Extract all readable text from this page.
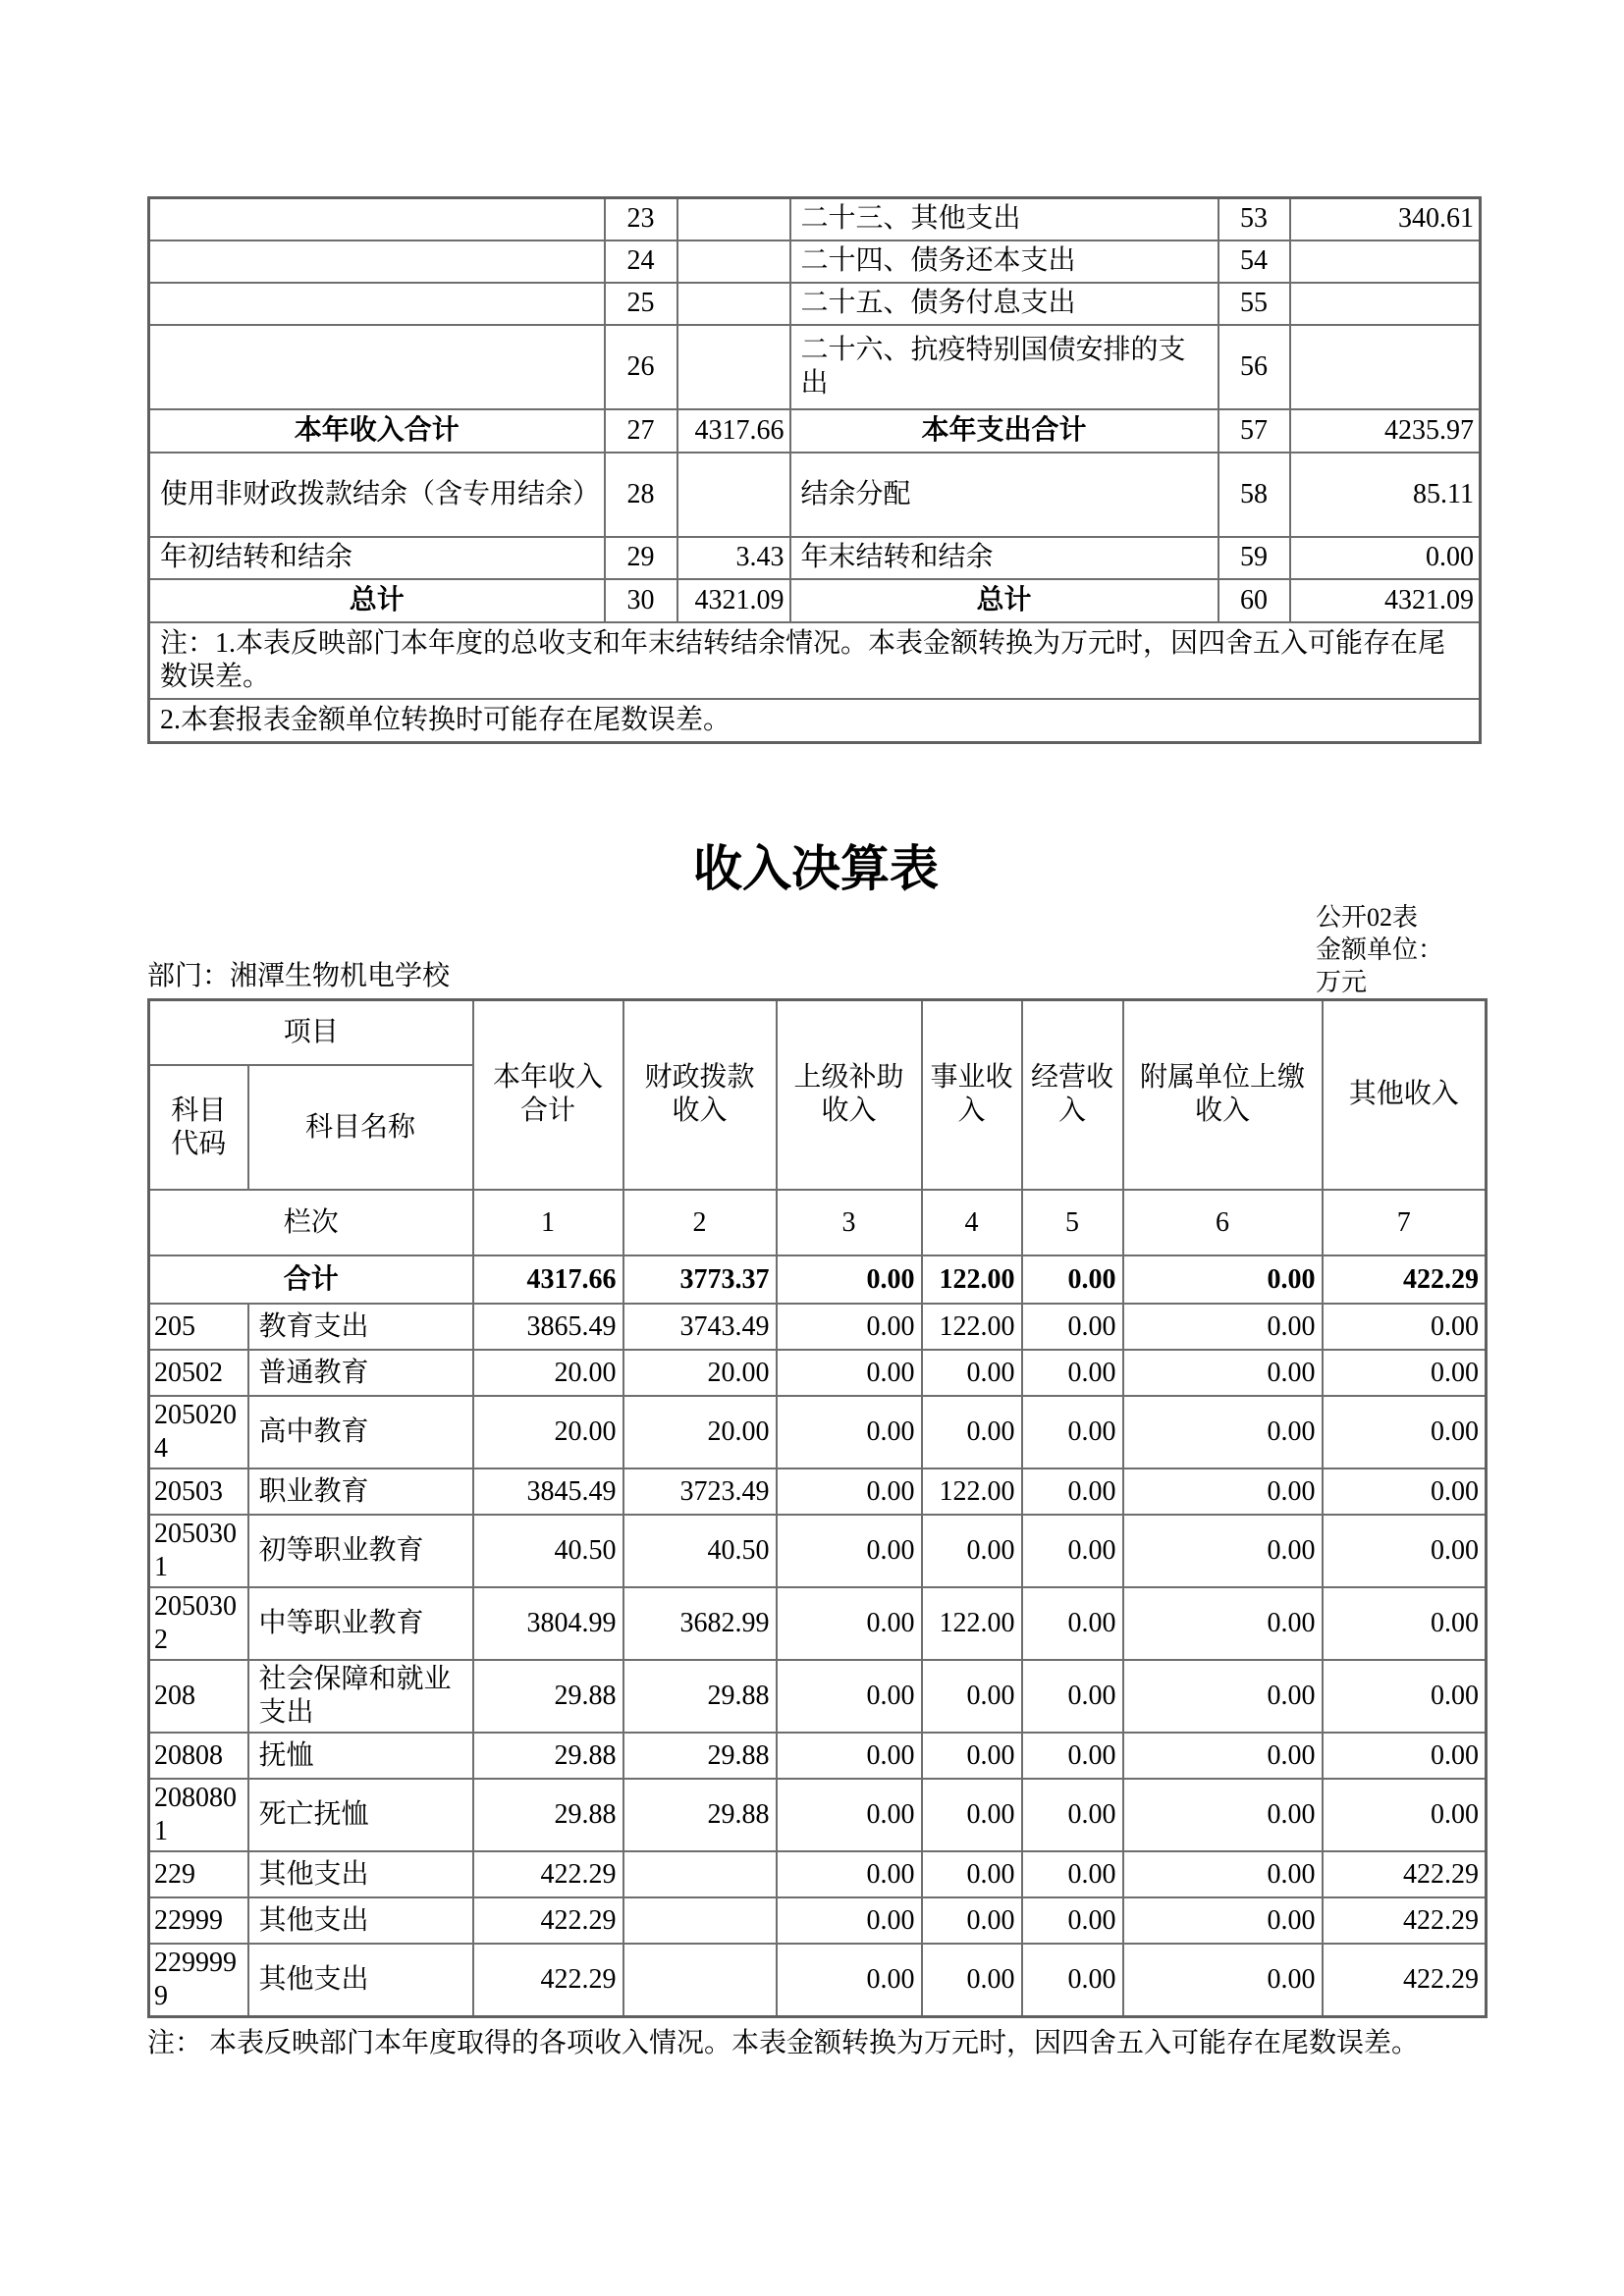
	23		二十三、其他支出	53	340.61
	24		二十四、债务还本支出	54	
	25		二十五、债务付息支出	55	
	26		二十六、抗疫特别国债安排的支出	56	
本年收入合计	27	4317.66	本年支出合计	57	4235.97
使用非财政拨款结余（含专用结余）	28		结余分配	58	85.11
年初结转和结余	29	3.43	年末结转和结余	59	0.00
总计	30	4321.09	总计	60	4321.09
注：1.本表反映部门本年度的总收支和年末结转结余情况。本表金额转换为万元时，因四舍五入可能存在尾数误差。					
2.本套报表金额单位转换时可能存在尾数误差。					
收入决算表
部门：湘潭生物机电学校
公开02表
金额单位：
万元
项目		本年收入合计	财政拨款收入	上级补助收入	事业收入	经营收入	附属单位上缴收入	其他收入
科目代码	科目名称							
栏次		1	2	3	4	5	6	7
合计		4317.66	3773.37	0.00	122.00	0.00	0.00	422.29
205	教育支出	3865.49	3743.49	0.00	122.00	0.00	0.00	0.00
20502	普通教育	20.00	20.00	0.00	0.00	0.00	0.00	0.00
2050204	高中教育	20.00	20.00	0.00	0.00	0.00	0.00	0.00
20503	职业教育	3845.49	3723.49	0.00	122.00	0.00	0.00	0.00
2050301	初等职业教育	40.50	40.50	0.00	0.00	0.00	0.00	0.00
2050302	中等职业教育	3804.99	3682.99	0.00	122.00	0.00	0.00	0.00
208	社会保障和就业支出	29.88	29.88	0.00	0.00	0.00	0.00	0.00
20808	抚恤	29.88	29.88	0.00	0.00	0.00	0.00	0.00
2080801	死亡抚恤	29.88	29.88	0.00	0.00	0.00	0.00	0.00
229	其他支出	422.29		0.00	0.00	0.00	0.00	422.29
22999	其他支出	422.29		0.00	0.00	0.00	0.00	422.29
2299999	其他支出	422.29		0.00	0.00	0.00	0.00	422.29

注： 本表反映部门本年度取得的各项收入情况。本表金额转换为万元时，因四舍五入可能存在尾数误差。
